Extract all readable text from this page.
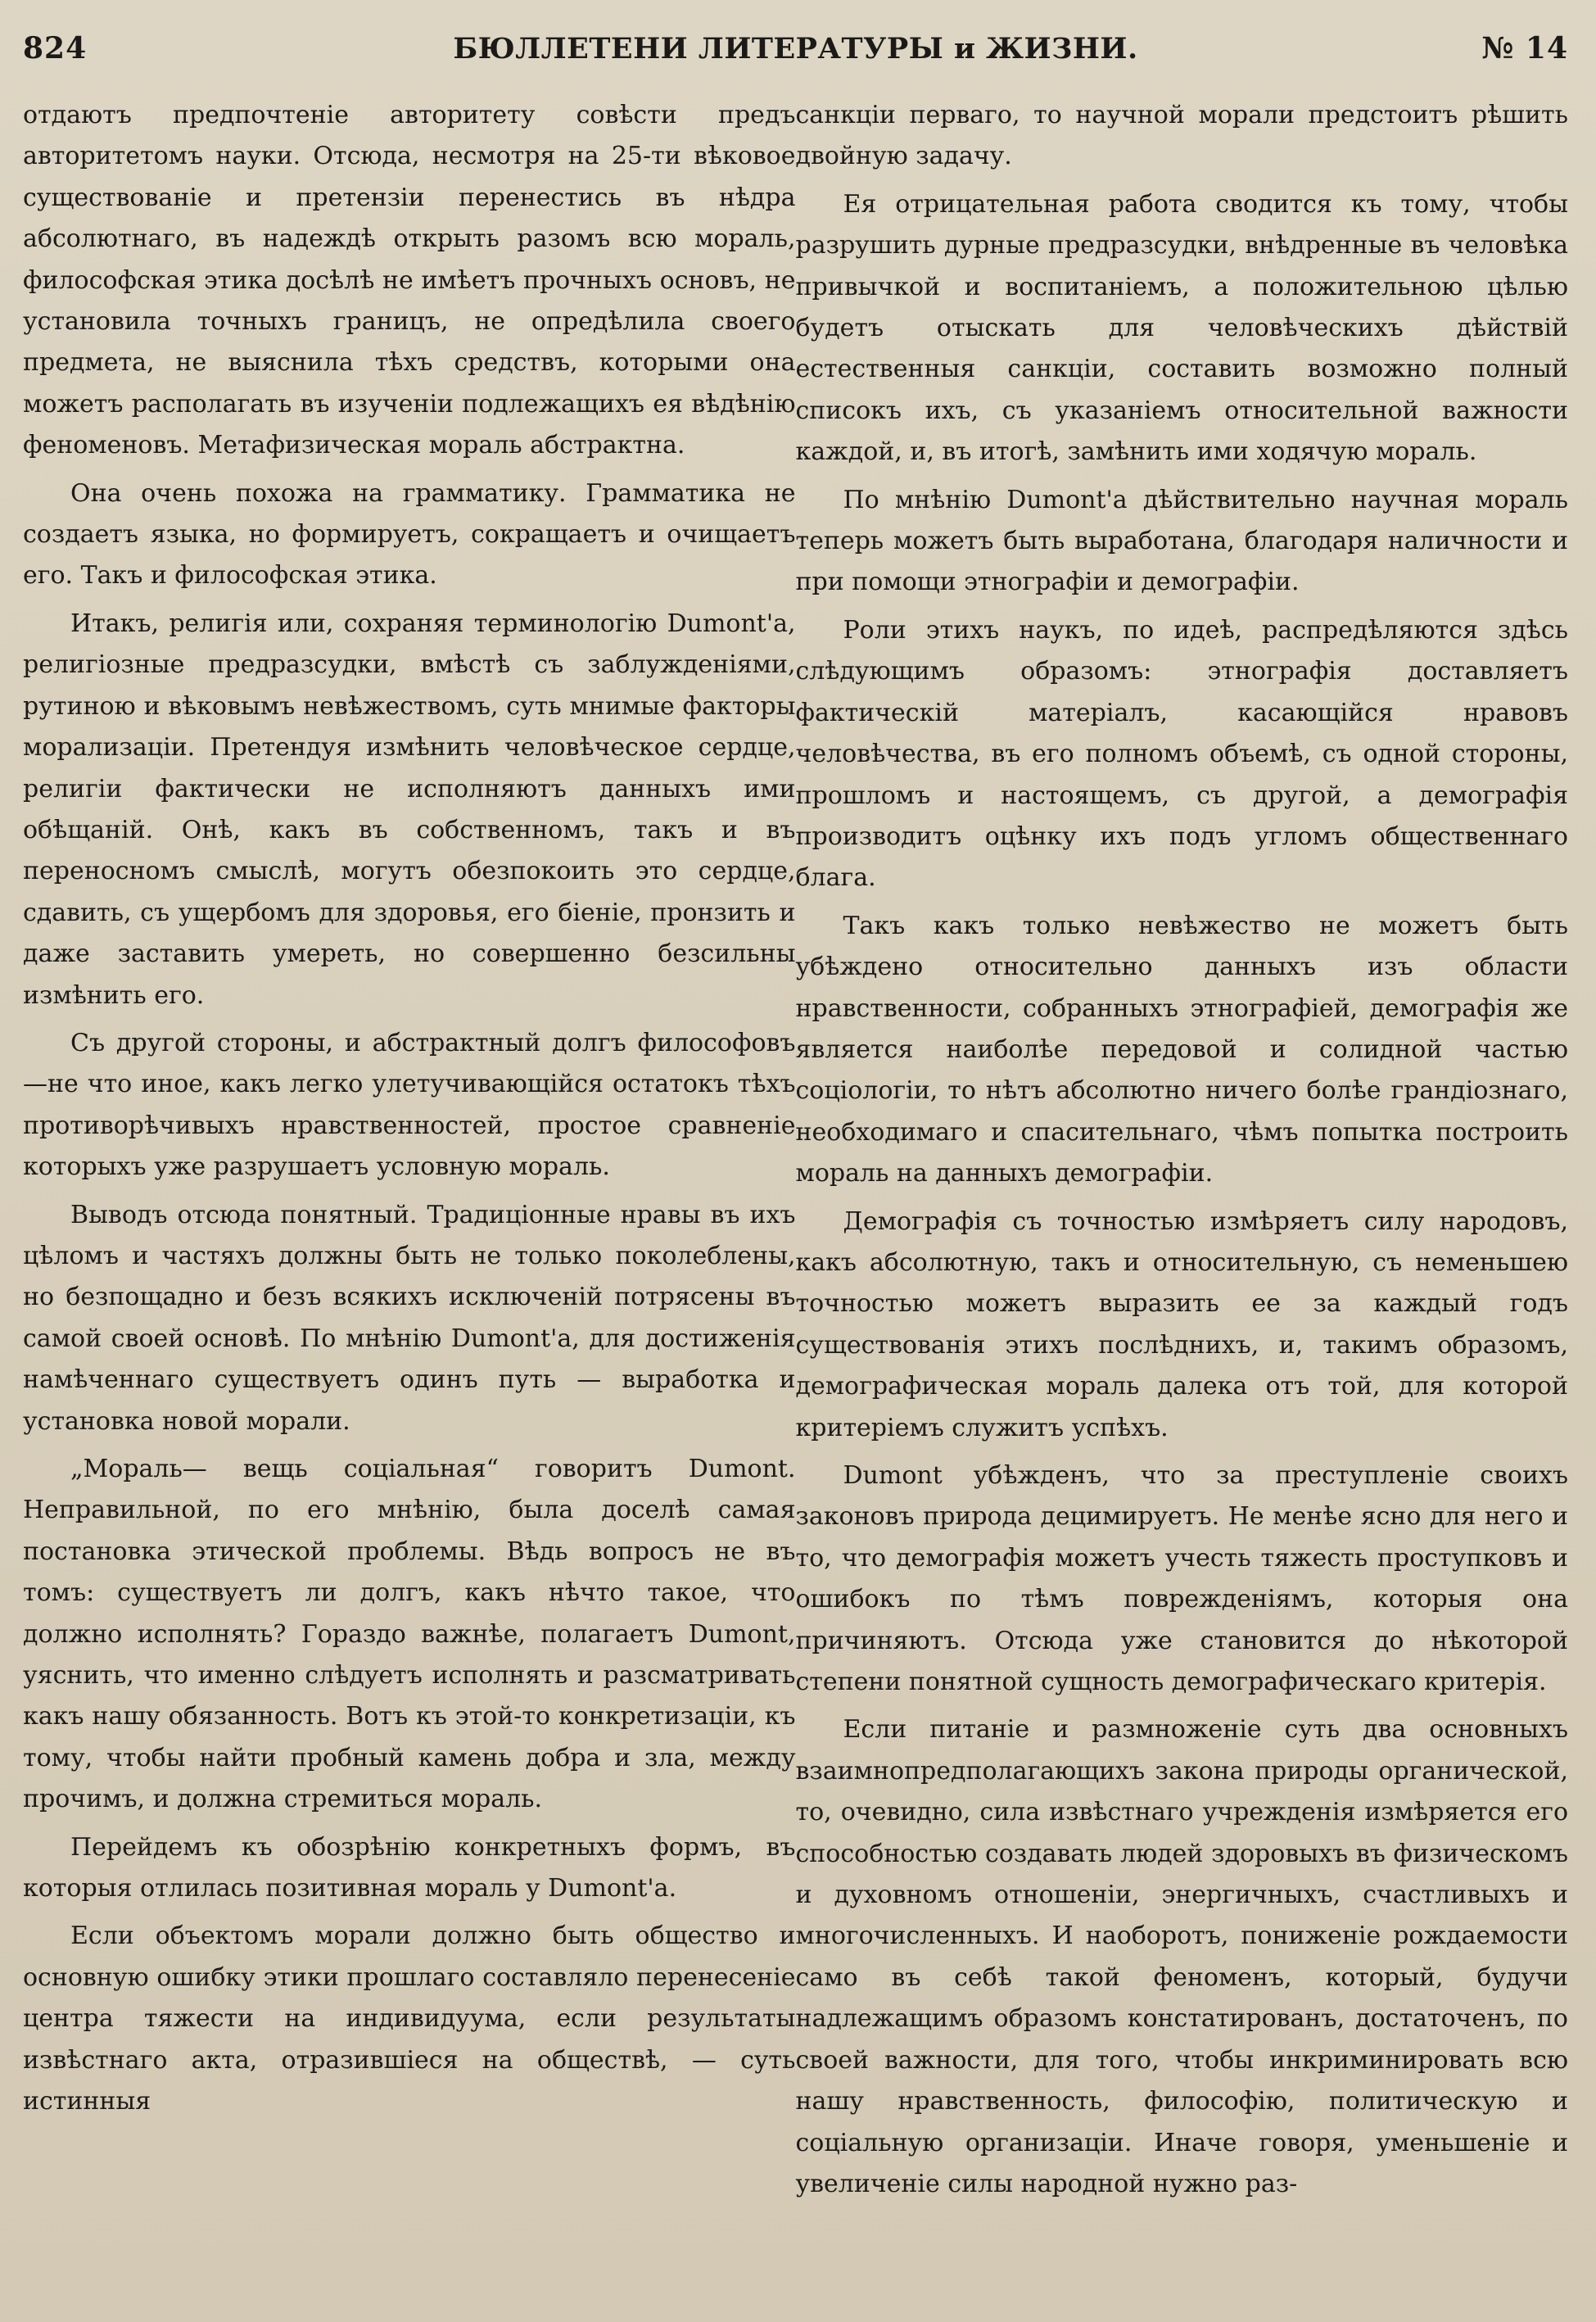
824	БЮЛЛЕТЕНИ ЛИТЕРАТУРЫ и ЖИЗНИ.	№ 14

отдаютъ предпочтеніе авторитету совѣсти предъ авторитетомъ науки. Отсюда, несмотря на 25-ти вѣковое существованіе и претензіи перенестись въ нѣдра абсолютнаго, въ надеждѣ открыть разомъ всю мораль, философская этика досѣлѣ не имѣетъ прочныхъ основъ, не установила точныхъ границъ, не опредѣлила своего предмета, не выяснила тѣхъ средствъ, которыми она можетъ располагать въ изученіи подлежащихъ ея вѣдѣнію феноменовъ. Метафизическая мораль абстрактна.

Она очень похожа на грамматику. Грамматика не создаетъ языка, но формируетъ, сокращаетъ и очищаетъ его. Такъ и философская этика.

Итакъ, религія или, сохраняя терминологію Dumont'а, религіозные предразсудки, вмѣстѣ съ заблужденіями, рутиною и вѣковымъ невѣжествомъ, суть мнимые факторы морализаціи. Претендуя измѣнить человѣческое сердце, религіи фактически не исполняютъ данныхъ ими обѣщаній. Онѣ, какъ въ собственномъ, такъ и въ переносномъ смыслѣ, могутъ обезпокоить это сердце, сдавить, съ ущербомъ для здоровья, его біеніе, пронзить и даже заставить умереть, но совершенно безсильны измѣнить его.

Съ другой стороны, и абстрактный долгъ философовъ—не что иное, какъ легко улетучивающійся остатокъ тѣхъ противорѣчивыхъ нравственностей, простое сравненіе которыхъ уже разрушаетъ условную мораль.

Выводъ отсюда понятный. Традиціонные нравы въ ихъ цѣломъ и частяхъ должны быть не только поколеблены, но безпощадно и безъ всякихъ исключеній потрясены въ самой своей основѣ. По мнѣнію Dumont'а, для достиженія намѣченнаго существуетъ одинъ путь — выработка и установка новой морали.

„Мораль— вещь соціальная“ говоритъ Dumont. Неправильной, по его мнѣнію, была доселѣ самая постановка этической проблемы. Вѣдь вопросъ не въ томъ: существуетъ ли долгъ, какъ нѣчто такое, что должно исполнять? Гораздо важнѣе, полагаетъ Dumont, уяснить, что именно слѣдуетъ исполнять и разсматривать какъ нашу обязанность. Вотъ къ этой-то конкретизаціи, къ тому, чтобы найти пробный камень добра и зла, между прочимъ, и должна стремиться мораль.

Перейдемъ къ обозрѣнію конкретныхъ формъ, въ которыя отлилась позитивная мораль у Dumont'а.

Если объектомъ морали должно быть общество и основную ошибку этики прошлаго составляло перенесеніе центра тяжести на индивидуума, если результаты извѣстнаго акта, отразившіеся на обществѣ, — суть истинныя

санкціи перваго, то научной морали предстоитъ рѣшить двойную задачу.

Ея отрицательная работа сводится къ тому, чтобы разрушить дурные предразсудки, внѣдренные въ человѣка привычкой и воспитаніемъ, а положительною цѣлью будетъ отыскать для человѣческихъ дѣйствій естественныя санкціи, составить возможно полный списокъ ихъ, съ указаніемъ относительной важности каждой, и, въ итогѣ, замѣнить ими ходячую мораль.

По мнѣнію Dumont'а дѣйствительно научная мораль теперь можетъ быть выработана, благодаря наличности и при помощи этнографіи и демографіи.

Роли этихъ наукъ, по идеѣ, распредѣляются здѣсь слѣдующимъ образомъ: этнографія доставляетъ фактическій матеріалъ, касающійся нравовъ человѣчества, въ его полномъ объемѣ, съ одной стороны, прошломъ и настоящемъ, съ другой, а демографія производитъ оцѣнку ихъ подъ угломъ общественнаго блага.

Такъ какъ только невѣжество не можетъ быть убѣждено относительно данныхъ изъ области нравственности, собранныхъ этнографіей, демографія же является наиболѣе передовой и солидной частью соціологіи, то нѣтъ абсолютно ничего болѣе грандіознаго, необходимаго и спасительнаго, чѣмъ попытка построить мораль на данныхъ демографіи.

Демографія съ точностью измѣряетъ силу народовъ, какъ абсолютную, такъ и относительную, съ неменьшею точностью можетъ выразить ее за каждый годъ существованія этихъ послѣднихъ, и, такимъ образомъ, демографическая мораль далека отъ той, для которой критеріемъ служитъ успѣхъ.

Dumont убѣжденъ, что за преступленіе своихъ законовъ природа децимируетъ. Не менѣе ясно для него и то, что демографія можетъ учесть тяжесть проступковъ и ошибокъ по тѣмъ поврежденіямъ, которыя она причиняютъ. Отсюда уже становится до нѣкоторой степени понятной сущность демографическаго критерія.

Если питаніе и размноженіе суть два основныхъ взаимнопредполагающихъ закона природы органической, то, очевидно, сила извѣстнаго учрежденія измѣряется его способностью создавать людей здоровыхъ въ физическомъ и духовномъ отношеніи, энергичныхъ, счастливыхъ и многочисленныхъ. И наоборотъ, пониженіе рождаемости само въ себѣ такой феноменъ, который, будучи надлежащимъ образомъ констатированъ, достаточенъ, по своей важности, для того, чтобы инкриминировать всю нашу нравственность, философію, политическую и соціальную организаціи. Иначе говоря, уменьшеніе и увеличеніе силы народной нужно раз-
